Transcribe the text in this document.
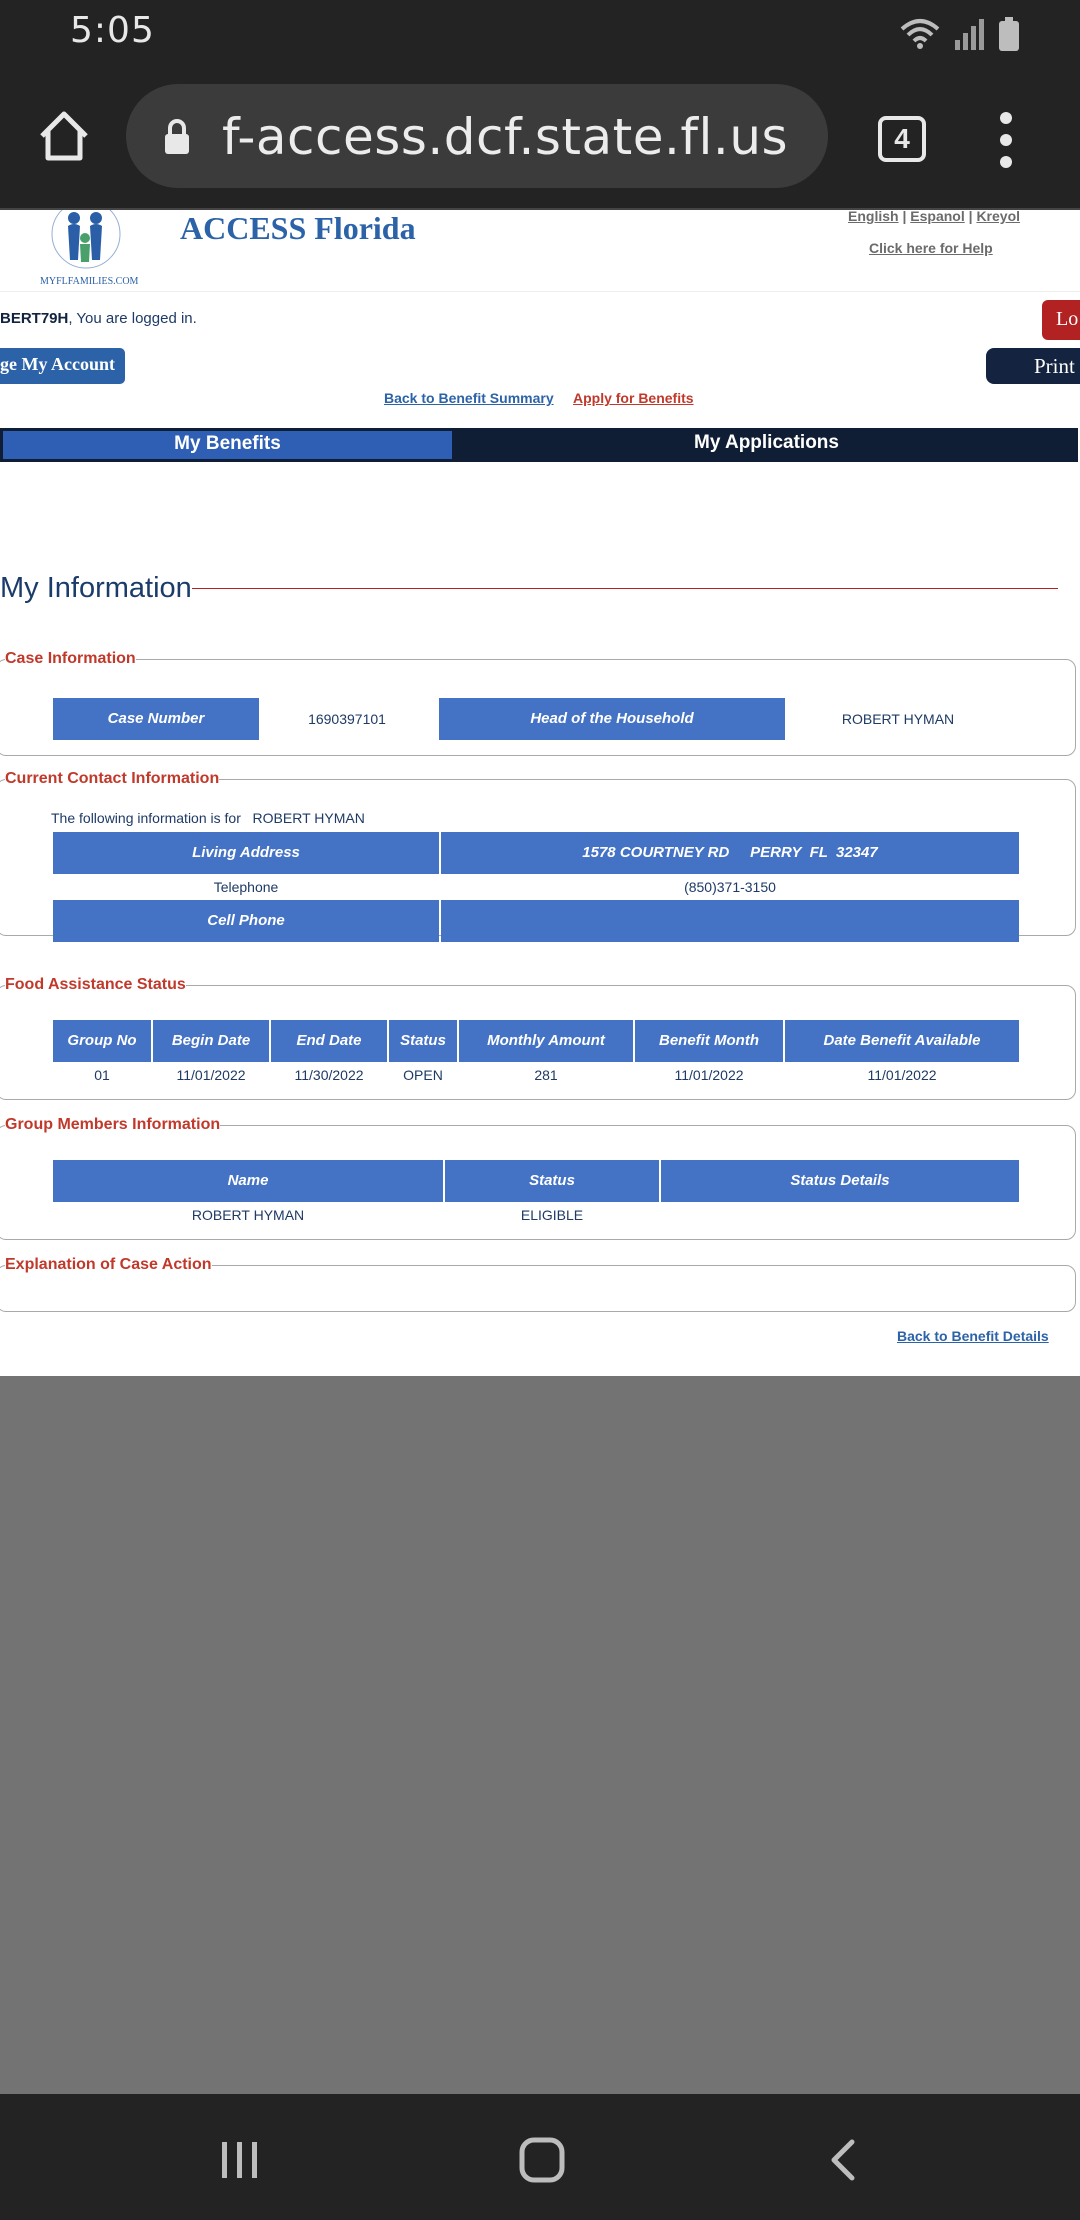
5:05
f-access.dcf.state.fl.us	4
MYFLFAMILIES.COM
ACCESS Florida	English | Espanol | Kreyol
Click here for Help
BERT79H, You are logged in.	Lo
ge My Account	Print
Back to Benefit Summary Apply for Benefits
My Benefits	My Applications
My Information
Case Information
Case Number	1690397101	Head of the Household	ROBERT HYMAN
Current Contact Information
The following information is for ROBERT HYMAN
Living Address	1578 COURTNEY RD     PERRY  FL  32347
Telephone	(850)371-3150
Cell Phone
Food Assistance Status
Group No	Begin Date	End Date	Status	Monthly Amount	Benefit Month	Date Benefit Available
01	11/01/2022	11/30/2022	OPEN	281	11/01/2022	11/01/2022
Group Members Information
Name	Status	Status Details
ROBERT HYMAN	ELIGIBLE
Explanation of Case Action
Back to Benefit Details
